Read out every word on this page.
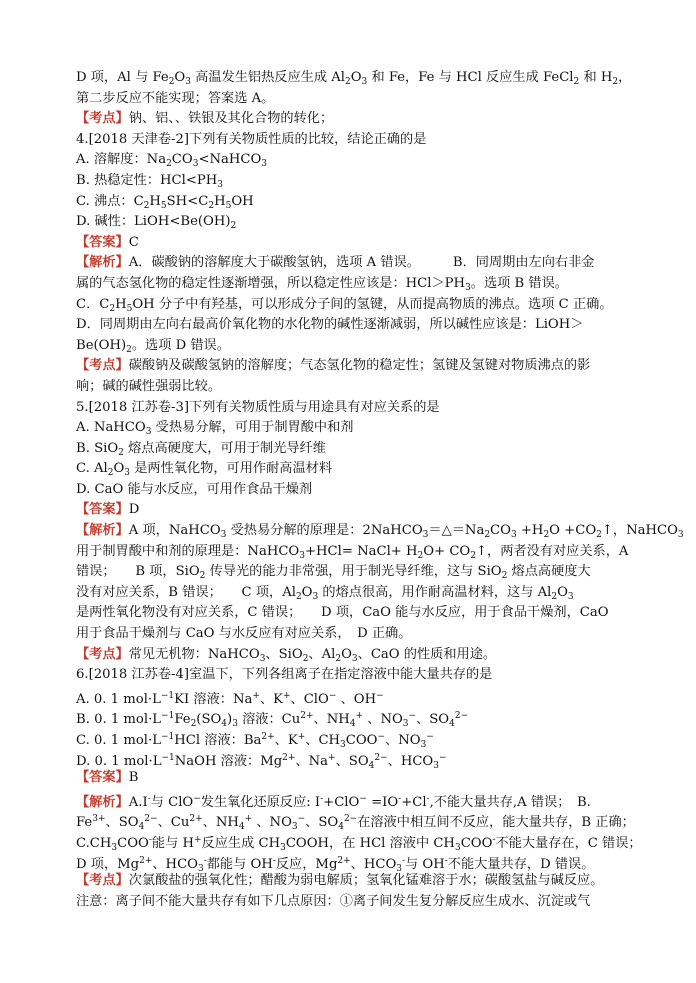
D 项，Al 与 $Fe_2O_3$ 高温发生铝热反应生成 $Al_2O_3$ 和 Fe，Fe 与 HCl 反应生成 FeCl$_2$ 和 $H_2$，
第二步反应不能实现；答案选 A。
【考点】钠、铝、、铁银及其化合物的转化；
4.[2018 天津卷-2]下列有关物质性质的比较，结论正确的是
A. 溶解度：$Na_2CO_3<NaHCO_3$
B. 热稳定性：$HCl<PH_3$
C. 沸点：$C_2H_5SH<C_2H_5OH$
D. 碱性：$LiOH<Be(OH)_2$
【答案】C
【解析】A．碳酸钠的溶解度大于碳酸氢钠，选项 A 错误。　　　B．同周期由左向右非金
属的气态氢化物的稳定性逐渐增强，所以稳定性应该是：$HCl>PH_3$。选项 B 错误。
C．$C_2H_5OH$ 分子中有羟基，可以形成分子间的氢键，从而提高物质的沸点。选项 C 正确。
D．同周期由左向右最高价氧化物的水化物的碱性逐渐减弱，所以碱性应该是：LiOH＞
$Be(OH)_2$。选项 D 错误。
【考点】碳酸钠及碳酸氢钠的溶解度；气态氢化物的稳定性；氢键及氢键对物质沸点的影
响；碱的碱性强弱比较。
5.[2018 江苏卷-3]下列有关物质性质与用途具有对应关系的是
A. NaHCO$_3$ 受热易分解，可用于制胃酸中和剂
B. SiO$_2$ 熔点高硬度大，可用于制光导纤维
C. $Al_2O_3$ 是两性氧化物，可用作耐高温材料
D. CaO 能与水反应，可用作食品干燥剂
【答案】D
【解析】A 项，NaHCO$_3$ 受热易分解的原理是：$2NaHCO_3=\triangle=Na_2CO_3 +H_2O$ $+CO_2↑$，NaHCO$_3$
用于制胃酸中和剂的原理是：NaHCO$_3$+HCl= NaCl+ $H_2O+$ $CO_2↑$，两者没有对应关系，A
错误；　　B 项，SiO$_2$ 传导光的能力非常强，用于制光导纤维，这与 SiO$_2$ 熔点高硬度大
没有对应关系，B 错误；　　C 项，$Al_2O_3$ 的熔点很高，用作耐高温材料，这与 $Al_2O_3$
是两性氧化物没有对应关系，C 错误；　　D 项，CaO 能与水反应，用于食品干燥剂，CaO
用于食品干燥剂与 CaO 与水反应有对应关系，　D 正确。
【考点】常见无机物：NaHCO$_3$、SiO$_2$、$Al_2O_3$、CaO 的性质和用途。
6.[2018 江苏卷-4]室温下，下列各组离子在指定溶液中能大量共存的是
A. 0. 1 $mol\cdot L^{-1}KI$ 溶液：Na+、K+、ClO− 、OH−
B. 0. 1 $mol\cdot L^{-1}Fe_2(SO_4)_3$ 溶液：$Cu^{2+}$、$NH_4^+$ 、$NO_3^-$、$SO_4^{2-}$
C. 0. 1 $mol\cdot L^{-1}HCl$ 溶液：$Ba^{2+}$、K+、$CH_3COO^-$、$NO_3^-$
D. 0. 1 $mol\cdot L^{-1}NaOH$ 溶液：$Mg^{2+}$、Na+、$SO_4^{2-}$、$HCO_3^-$
【答案】B
【解析】A.I-与 ClO−发生氧化还原反应: I-+ClO− =IO-+Cl-,不能大量共存,A 错误；　B.
$Fe^{3+}$、$SO_4^{2-}$、$Cu^{2+}$、$NH_4^+$ 、$NO_3^-$、$SO_4^{2-}$在溶液中相互间不反应，能大量共存，B 正确；
$C.CH_3COO^-$能与 H+反应生成 $CH_3COOH$，在 HCl 溶液中 $CH_3COO^-$不能大量存在，C 错误；
D 项，$Mg^{2+}$、$HCO_3^-$都能与 OH-反应，$Mg^{2+}$、$HCO_3^-$与 OH-不能大量共存，D 错误。
【考点】次氯酸盐的强氧化性；醋酸为弱电解质；氢氧化锰难溶于水；碳酸氢盐与碱反应。
注意：离子间不能大量共存有如下几点原因：①离子间发生复分解反应生成水、沉淀或气
